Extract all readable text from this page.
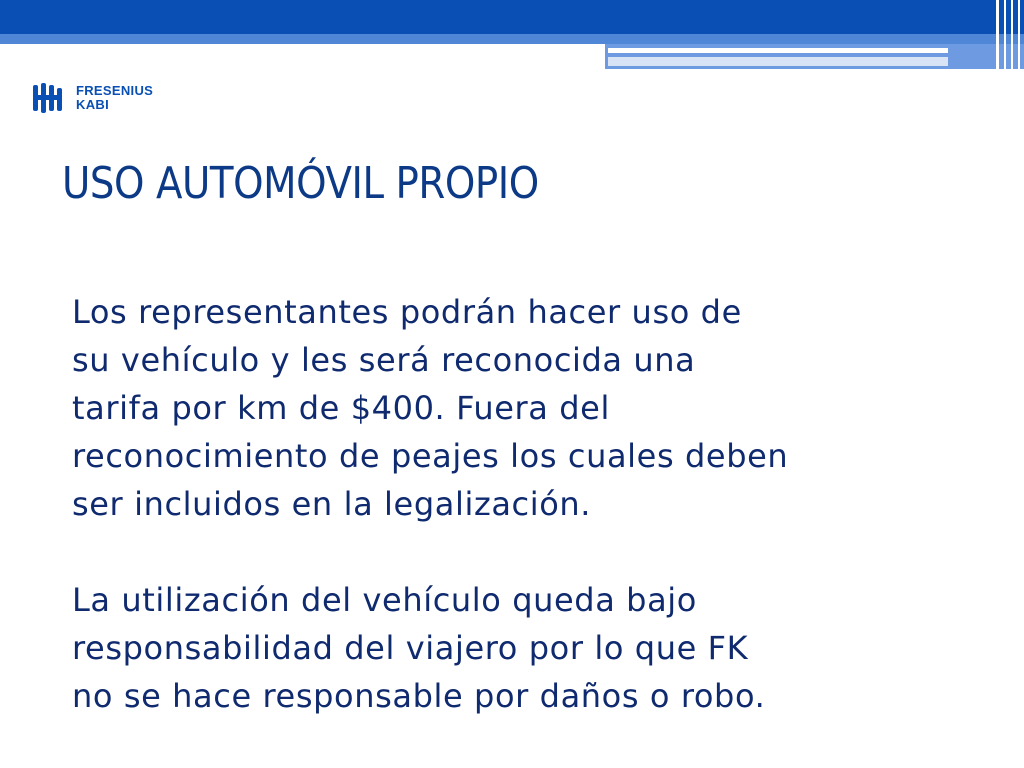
FRESENIUS
KABI
USO AUTOMÓVIL PROPIO

Los representantes podrán hacer uso de
su vehículo y les será reconocida una
tarifa por km de $400. Fuera del
reconocimiento de peajes los cuales deben
ser incluidos en la legalización.

La utilización del vehículo queda bajo
responsabilidad del viajero por lo que FK
no se hace responsable por daños o robo.
